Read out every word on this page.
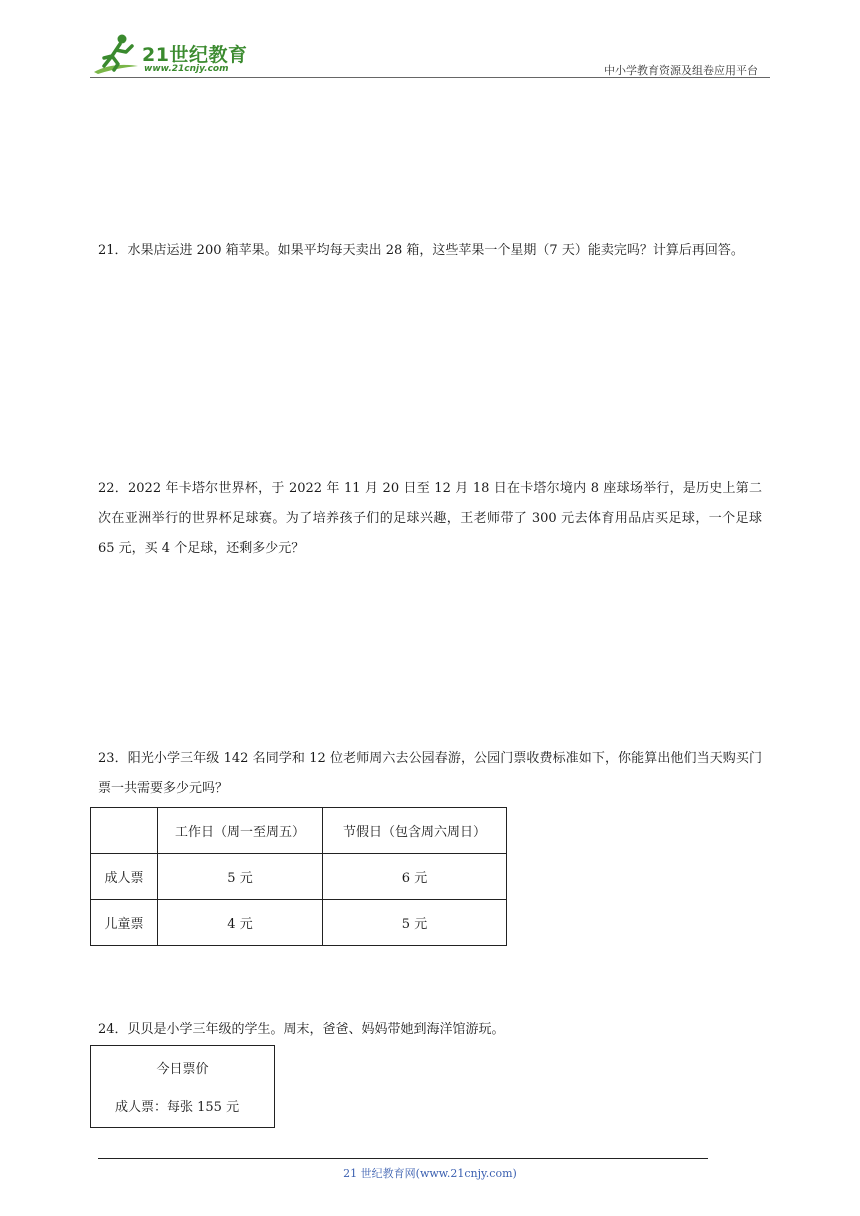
21世纪教育
www.21cnjy.com	中小学教育资源及组卷应用平台

21．水果店运进 200 箱苹果。如果平均每天卖出 28 箱，这些苹果一个星期（7 天）能卖完吗？计算后再回答。

22．2022 年卡塔尔世界杯，于 2022 年 11 月 20 日至 12 月 18 日在卡塔尔境内 8 座球场举行，是历史上第二次在亚洲举行的世界杯足球赛。为了培养孩子们的足球兴趣，王老师带了 300 元去体育用品店买足球，一个足球 65 元，买 4 个足球，还剩多少元？

23．阳光小学三年级 142 名同学和 12 位老师周六去公园春游，公园门票收费标准如下，你能算出他们当天购买门票一共需要多少元吗？

	工作日（周一至周五）	节假日（包含周六周日）
成人票	5 元	6 元
儿童票	4 元	5 元

24．贝贝是小学三年级的学生。周末，爸爸、妈妈带她到海洋馆游玩。

今日票价
成人票：每张 155 元
21 世纪教育网(www.21cnjy.com)
